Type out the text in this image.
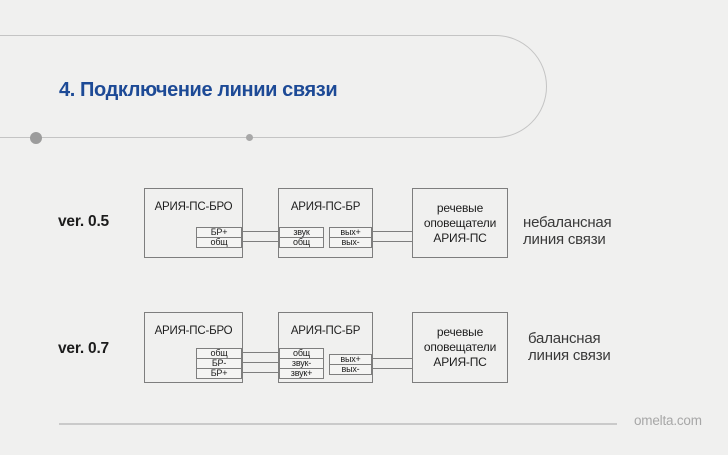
4. Подключение линии связи
ver. 0.5
АРИЯ-ПС-БРО
БР+
общ
АРИЯ-ПС-БР
звук
общ
вых+
вых-
речевые оповещатели АРИЯ-ПС
небалансная линия связи
ver. 0.7
АРИЯ-ПС-БРО
общ
БР-
БР+
АРИЯ-ПС-БР
общ
звук-
звук+
вых+
вых-
речевые оповещатели АРИЯ-ПС
балансная линия связи
omelta.com
